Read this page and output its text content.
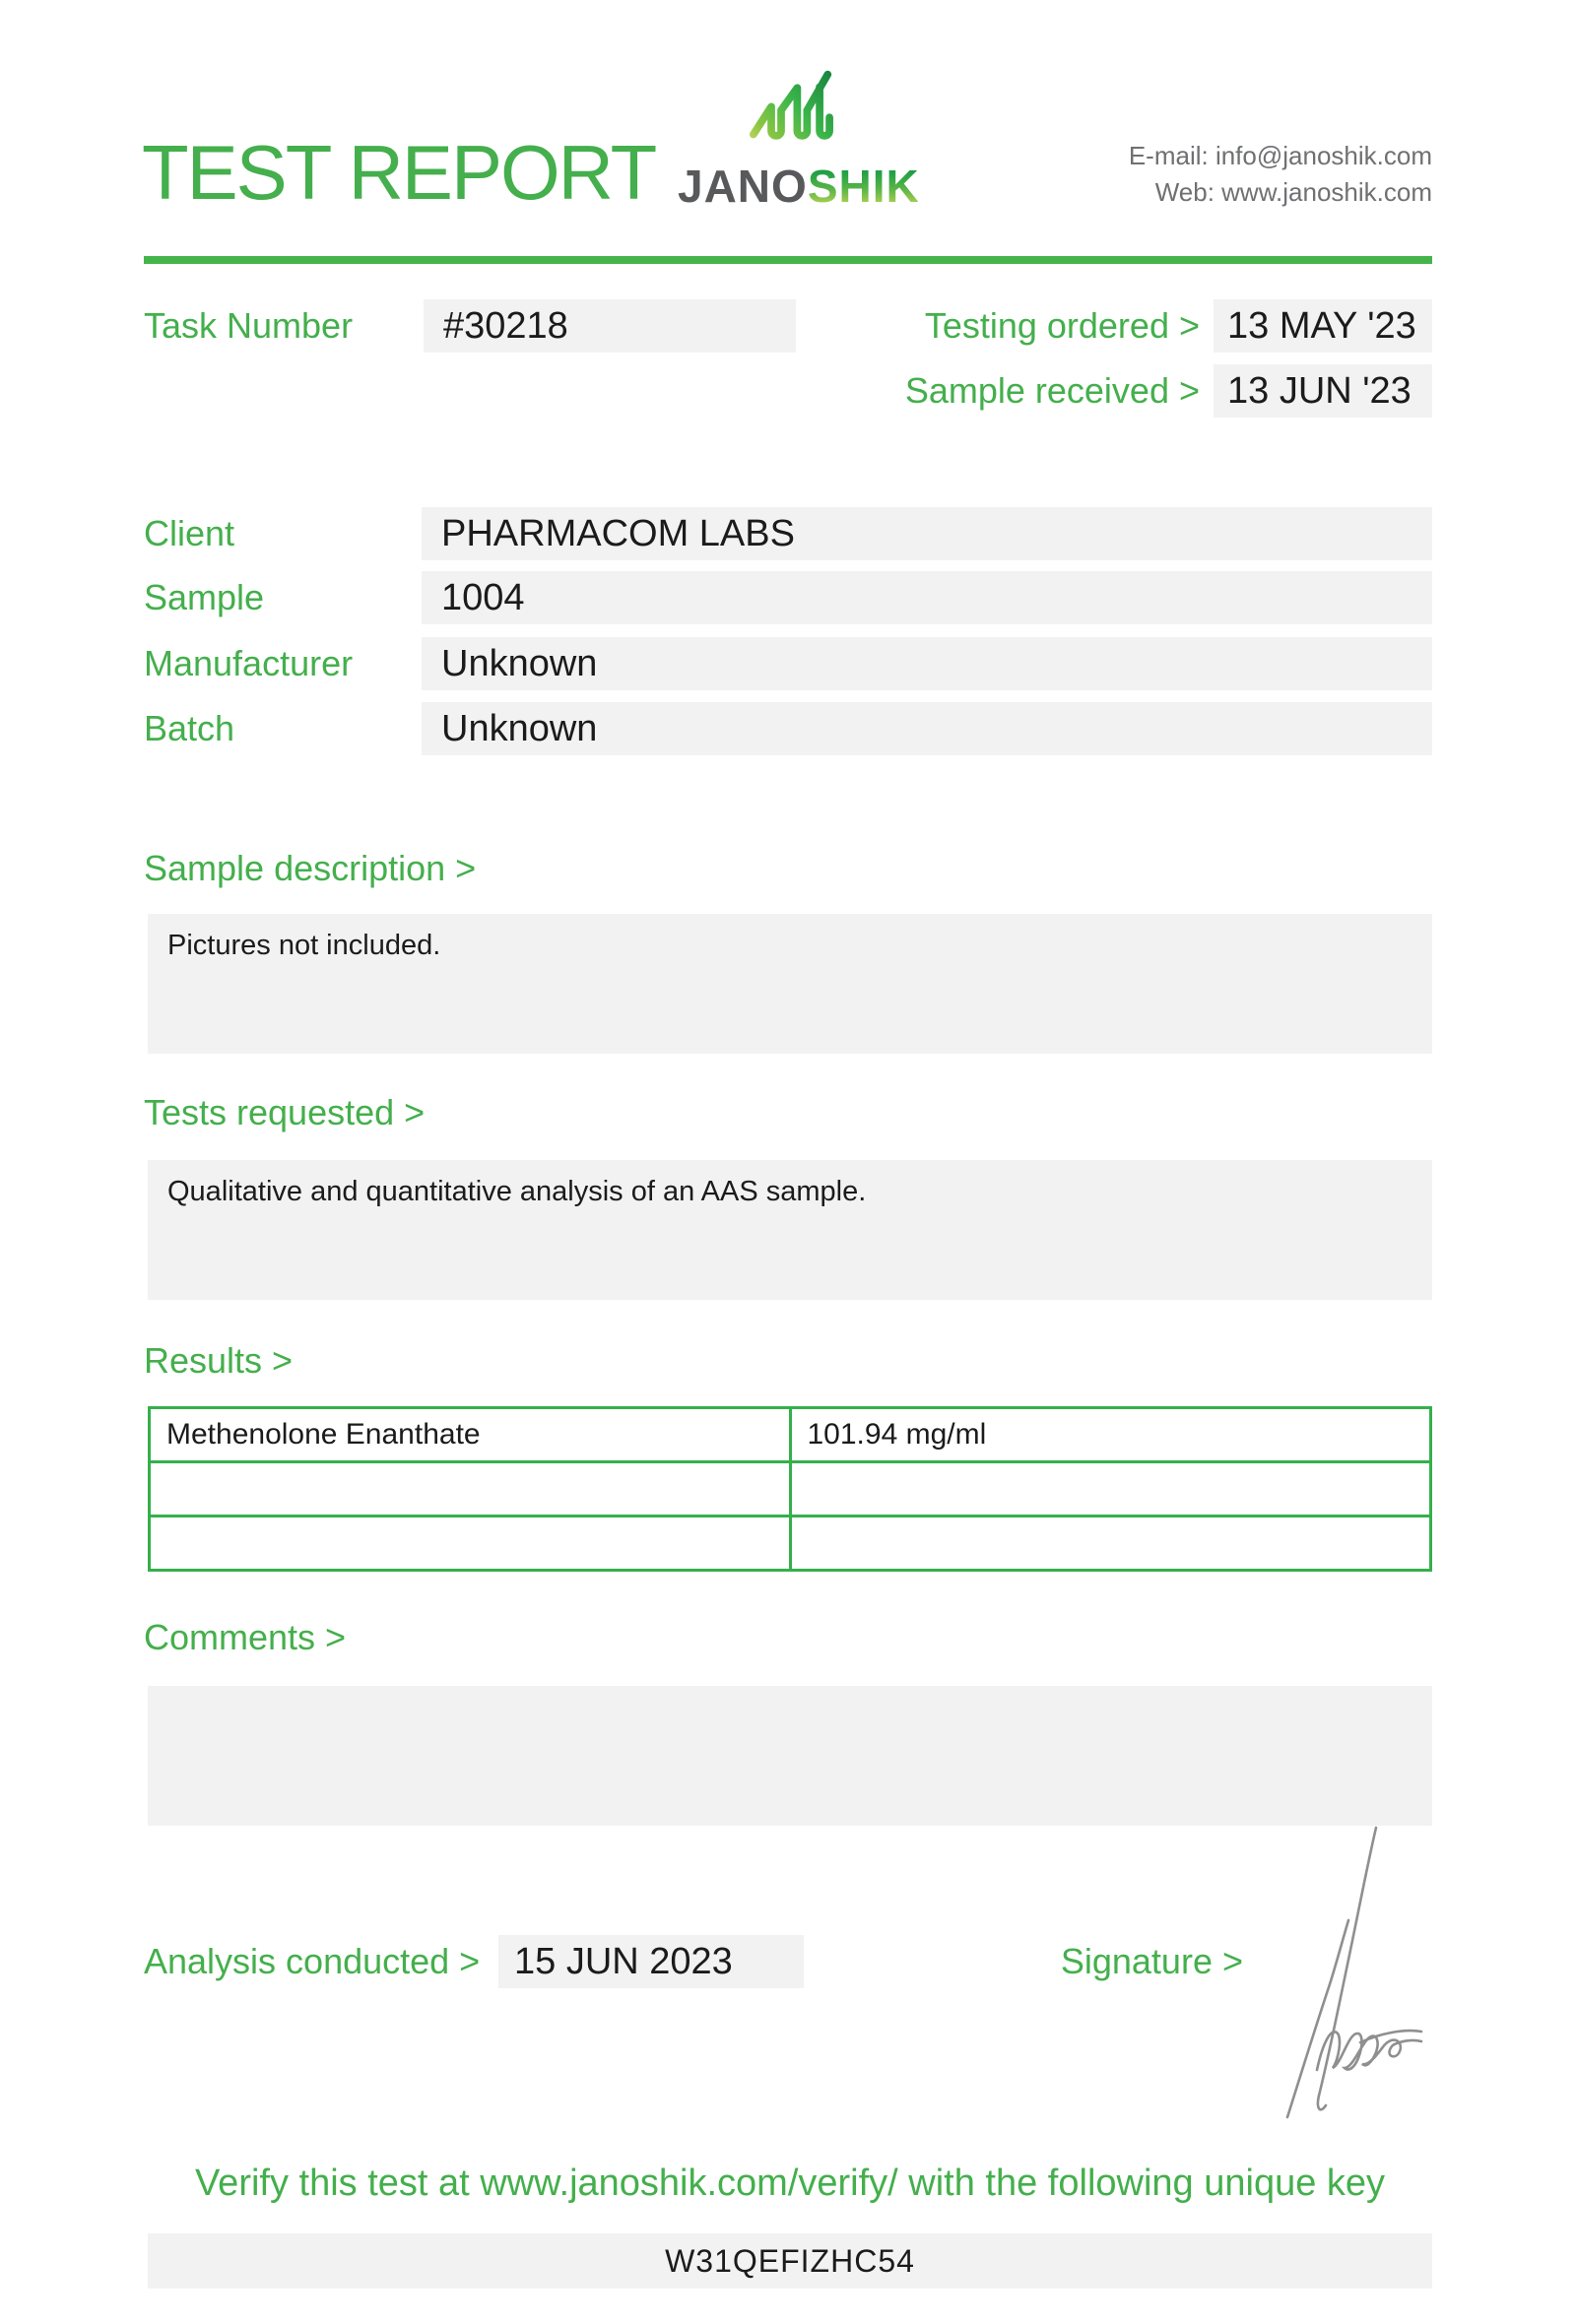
TEST REPORT JANOSHIK
E-mail: info@janoshik.com
Web: www.janoshik.com
Task Number	#30218	Testing ordered > 13 MAY '23
Sample received > 13 JUN '23
Client	PHARMACOM LABS
Sample	1004
Manufacturer	Unknown
Batch	Unknown
Sample description >
Pictures not included.
Tests requested >
Qualitative and quantitative analysis of an AAS sample.
Results >
Methenolone Enanthate	101.94 mg/ml

Comments >
Analysis conducted > 15 JUN 2023	Signature >
Verify this test at www.janoshik.com/verify/ with the following unique key
W31QEFIZHC54
